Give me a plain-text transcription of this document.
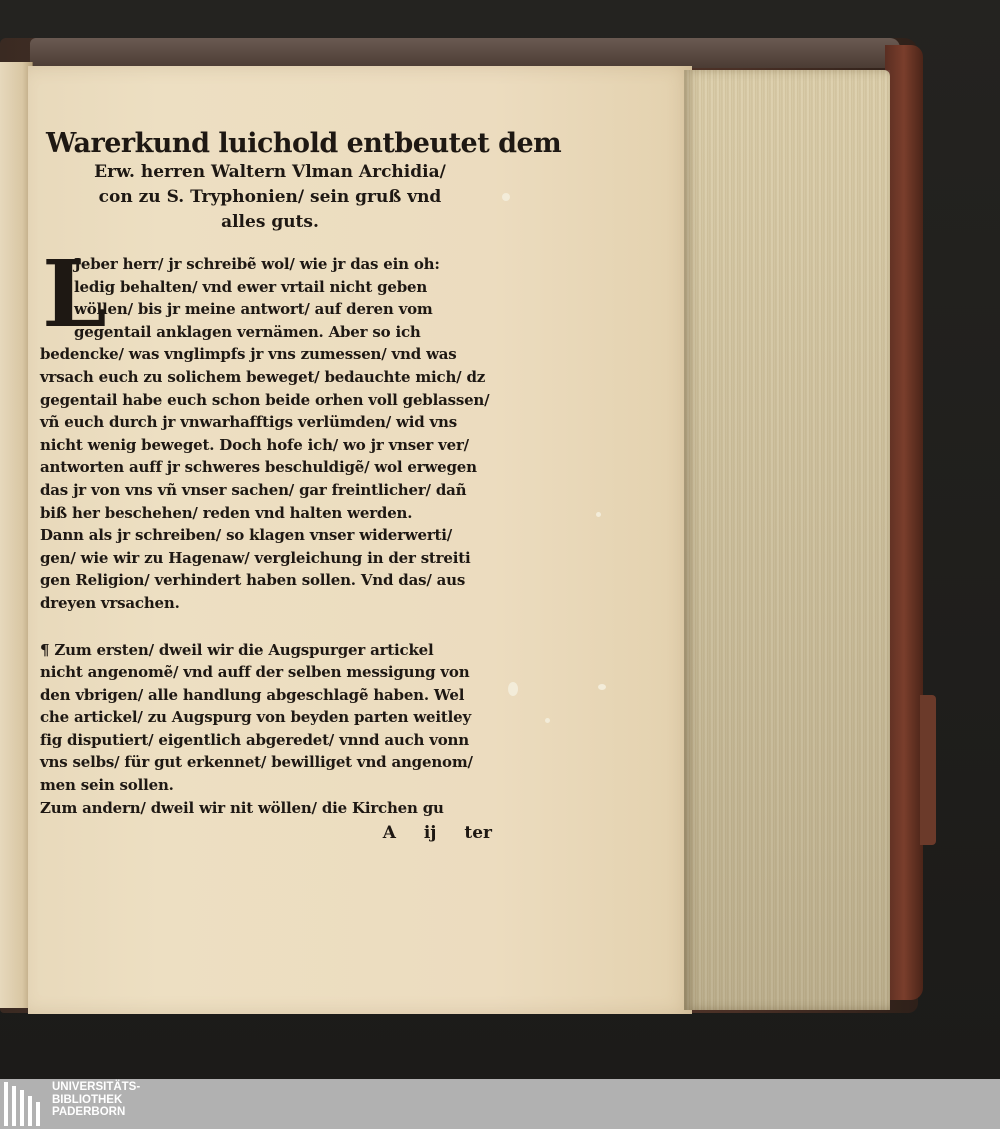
Warerkund luichold entbeutet dem
Erw. herren Waltern Vlman Archidia/
con zu S. Tryphonien/ sein gruß vnd
alles guts.
Jeber herr/ jr schreibẽ wol/ wie jr das ein oh:
ledig behalten/ vnd ewer vrtail nicht geben
wöllen/ bis jr meine antwort/ auf deren vom
gegentail anklagen vernämen. Aber so ich
bedencke/ was vnglimpfs jr vns zumessen/ vnd was
vrsach euch zu solichem beweget/ bedauchte mich/ dz
gegentail habe euch schon beide orhen voll geblassen/
vñ euch durch jr vnwarhafftigs verlümden/ wid vns
nicht wenig beweget. Doch hofe ich/ wo jr vnser ver/
antworten auff jr schweres beschuldigẽ/ wol erwegen
das jr von vns vñ vnser sachen/ gar freintlicher/ dañ
biß her beschehen/ reden vnd halten werden.
Dann als jr schreiben/ so klagen vnser widerwerti/
gen/ wie wir zu Hagenaw/ vergleichung in der streiti
gen Religion/ verhindert haben sollen. Vnd das/ aus
dreyen vrsachen.
¶ Zum ersten/ dweil wir die Augspurger artickel
nicht angenomẽ/ vnd auff der selben messigung von
den vbrigen/ alle handlung abgeschlagẽ haben. Wel
che artickel/ zu Augspurg von beyden parten weitley
fig disputiert/ eigentlich abgeredet/ vnnd auch vonn
vns selbs/ für gut erkennet/ bewilliget vnd angenom/
men sein sollen.
Zum andern/ dweil wir nit wöllen/ die Kirchen gu
A ij ter
L
UNIVERSITÄTS-
BIBLIOTHEK
PADERBORN
